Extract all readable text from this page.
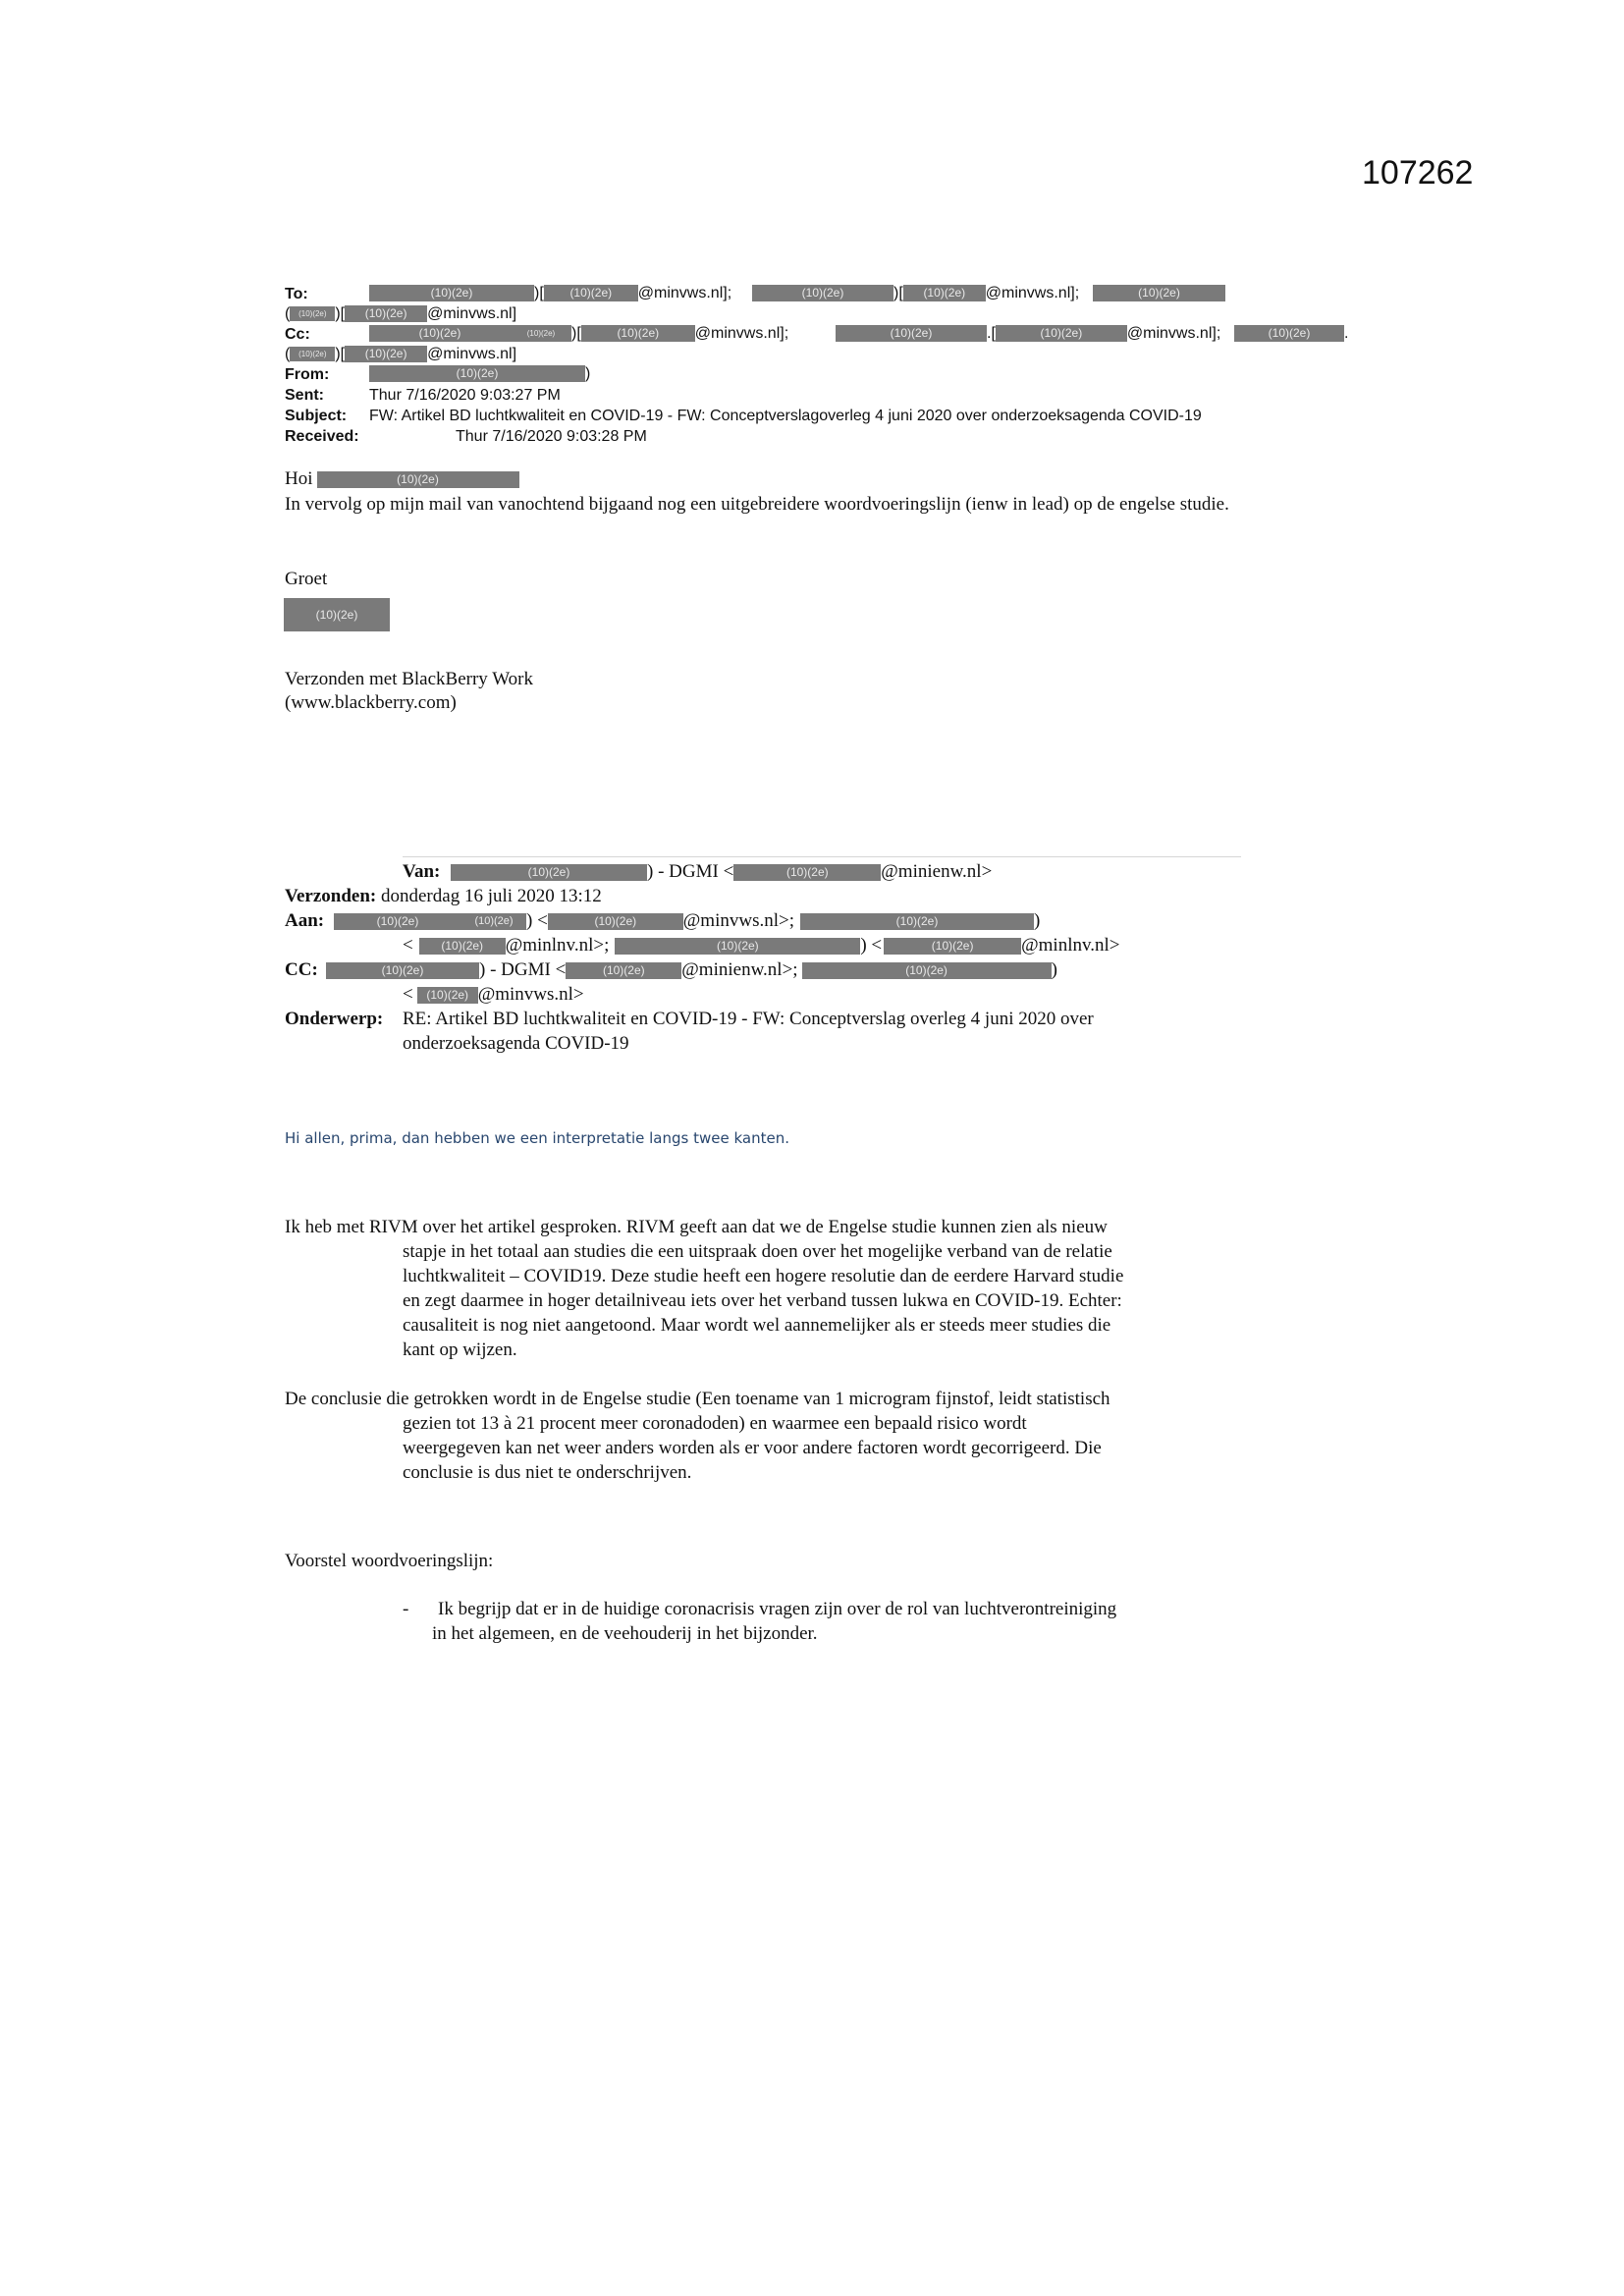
107262
To:	(10)(2e)	)[ (10)(2e) @minvws.nl];	(10)(2e)	)[ (10)(2e) @minvws.nl];	(10)(2e)
( (10)(2e) )[ (10)(2e) @minvws.nl]
Cc:	(10)(2e)	(10)(2e) )[	(10)(2e) @minvws.nl];	(10)(2e)	.[	(10)(2e)	@minvws.nl];	(10)(2e) .
( (10)(2e) )[ (10)(2e) @minvws.nl]
From:	(10)(2e)	)
Sent:	Thur 7/16/2020 9:03:27 PM
Subject: FW: Artikel BD luchtkwaliteit en COVID-19 - FW: Conceptverslagoverleg 4 juni 2020 over onderzoeksagenda COVID-19
Received:	Thur 7/16/2020 9:03:28 PM
Hoi	(10)(2e)
In vervolg op mijn mail van vanochtend bijgaand nog een uitgebreidere woordvoeringslijn (ienw in lead) op de engelse studie.
Groet
(10)(2e)
Verzonden met BlackBerry Work
(www.blackberry.com)
Van:	(10)(2e)	) - DGMI <	(10)(2e)	@minienw.nl>
Verzonden: donderdag 16 juli 2020 13:12
Aan:	(10)(2e)	(10)(2e) ) <	(10)(2e)	@minvws.nl>;	(10)(2e)	)
< (10)(2e) @minlnv.nl>;	(10)(2e)	) <	(10)(2e)	@minlnv.nl>
CC:	(10)(2e)	) - DGMI <	(10)(2e) @minienw.nl>;	(10)(2e)	)
< (10)(2e) @minvws.nl>
Onderwerp: RE: Artikel BD luchtkwaliteit en COVID-19 - FW: Conceptverslag overleg 4 juni 2020 over
onderzoeksagenda COVID-19
Hi allen, prima, dan hebben we een interpretatie langs twee kanten.
Ik heb met RIVM over het artikel gesproken. RIVM geeft aan dat we de Engelse studie kunnen zien als nieuw
stapje in het totaal aan studies die een uitspraak doen over het mogelijke verband van de relatie
luchtkwaliteit – COVID19. Deze studie heeft een hogere resolutie dan de eerdere Harvard studie
en zegt daarmee in hoger detailniveau iets over het verband tussen lukwa en COVID-19. Echter:
causaliteit is nog niet aangetoond. Maar wordt wel aannemelijker als er steeds meer studies die
kant op wijzen.
De conclusie die getrokken wordt in de Engelse studie (Een toename van 1 microgram fijnstof, leidt statistisch
gezien tot 13 à 21 procent meer coronadoden) en waarmee een bepaald risico wordt
weergegeven kan net weer anders worden als er voor andere factoren wordt gecorrigeerd. Die
conclusie is dus niet te onderschrijven.
Voorstel woordvoeringslijn:
- Ik begrijp dat er in de huidige coronacrisis vragen zijn over de rol van luchtverontreiniging
in het algemeen, en de veehouderij in het bijzonder.
